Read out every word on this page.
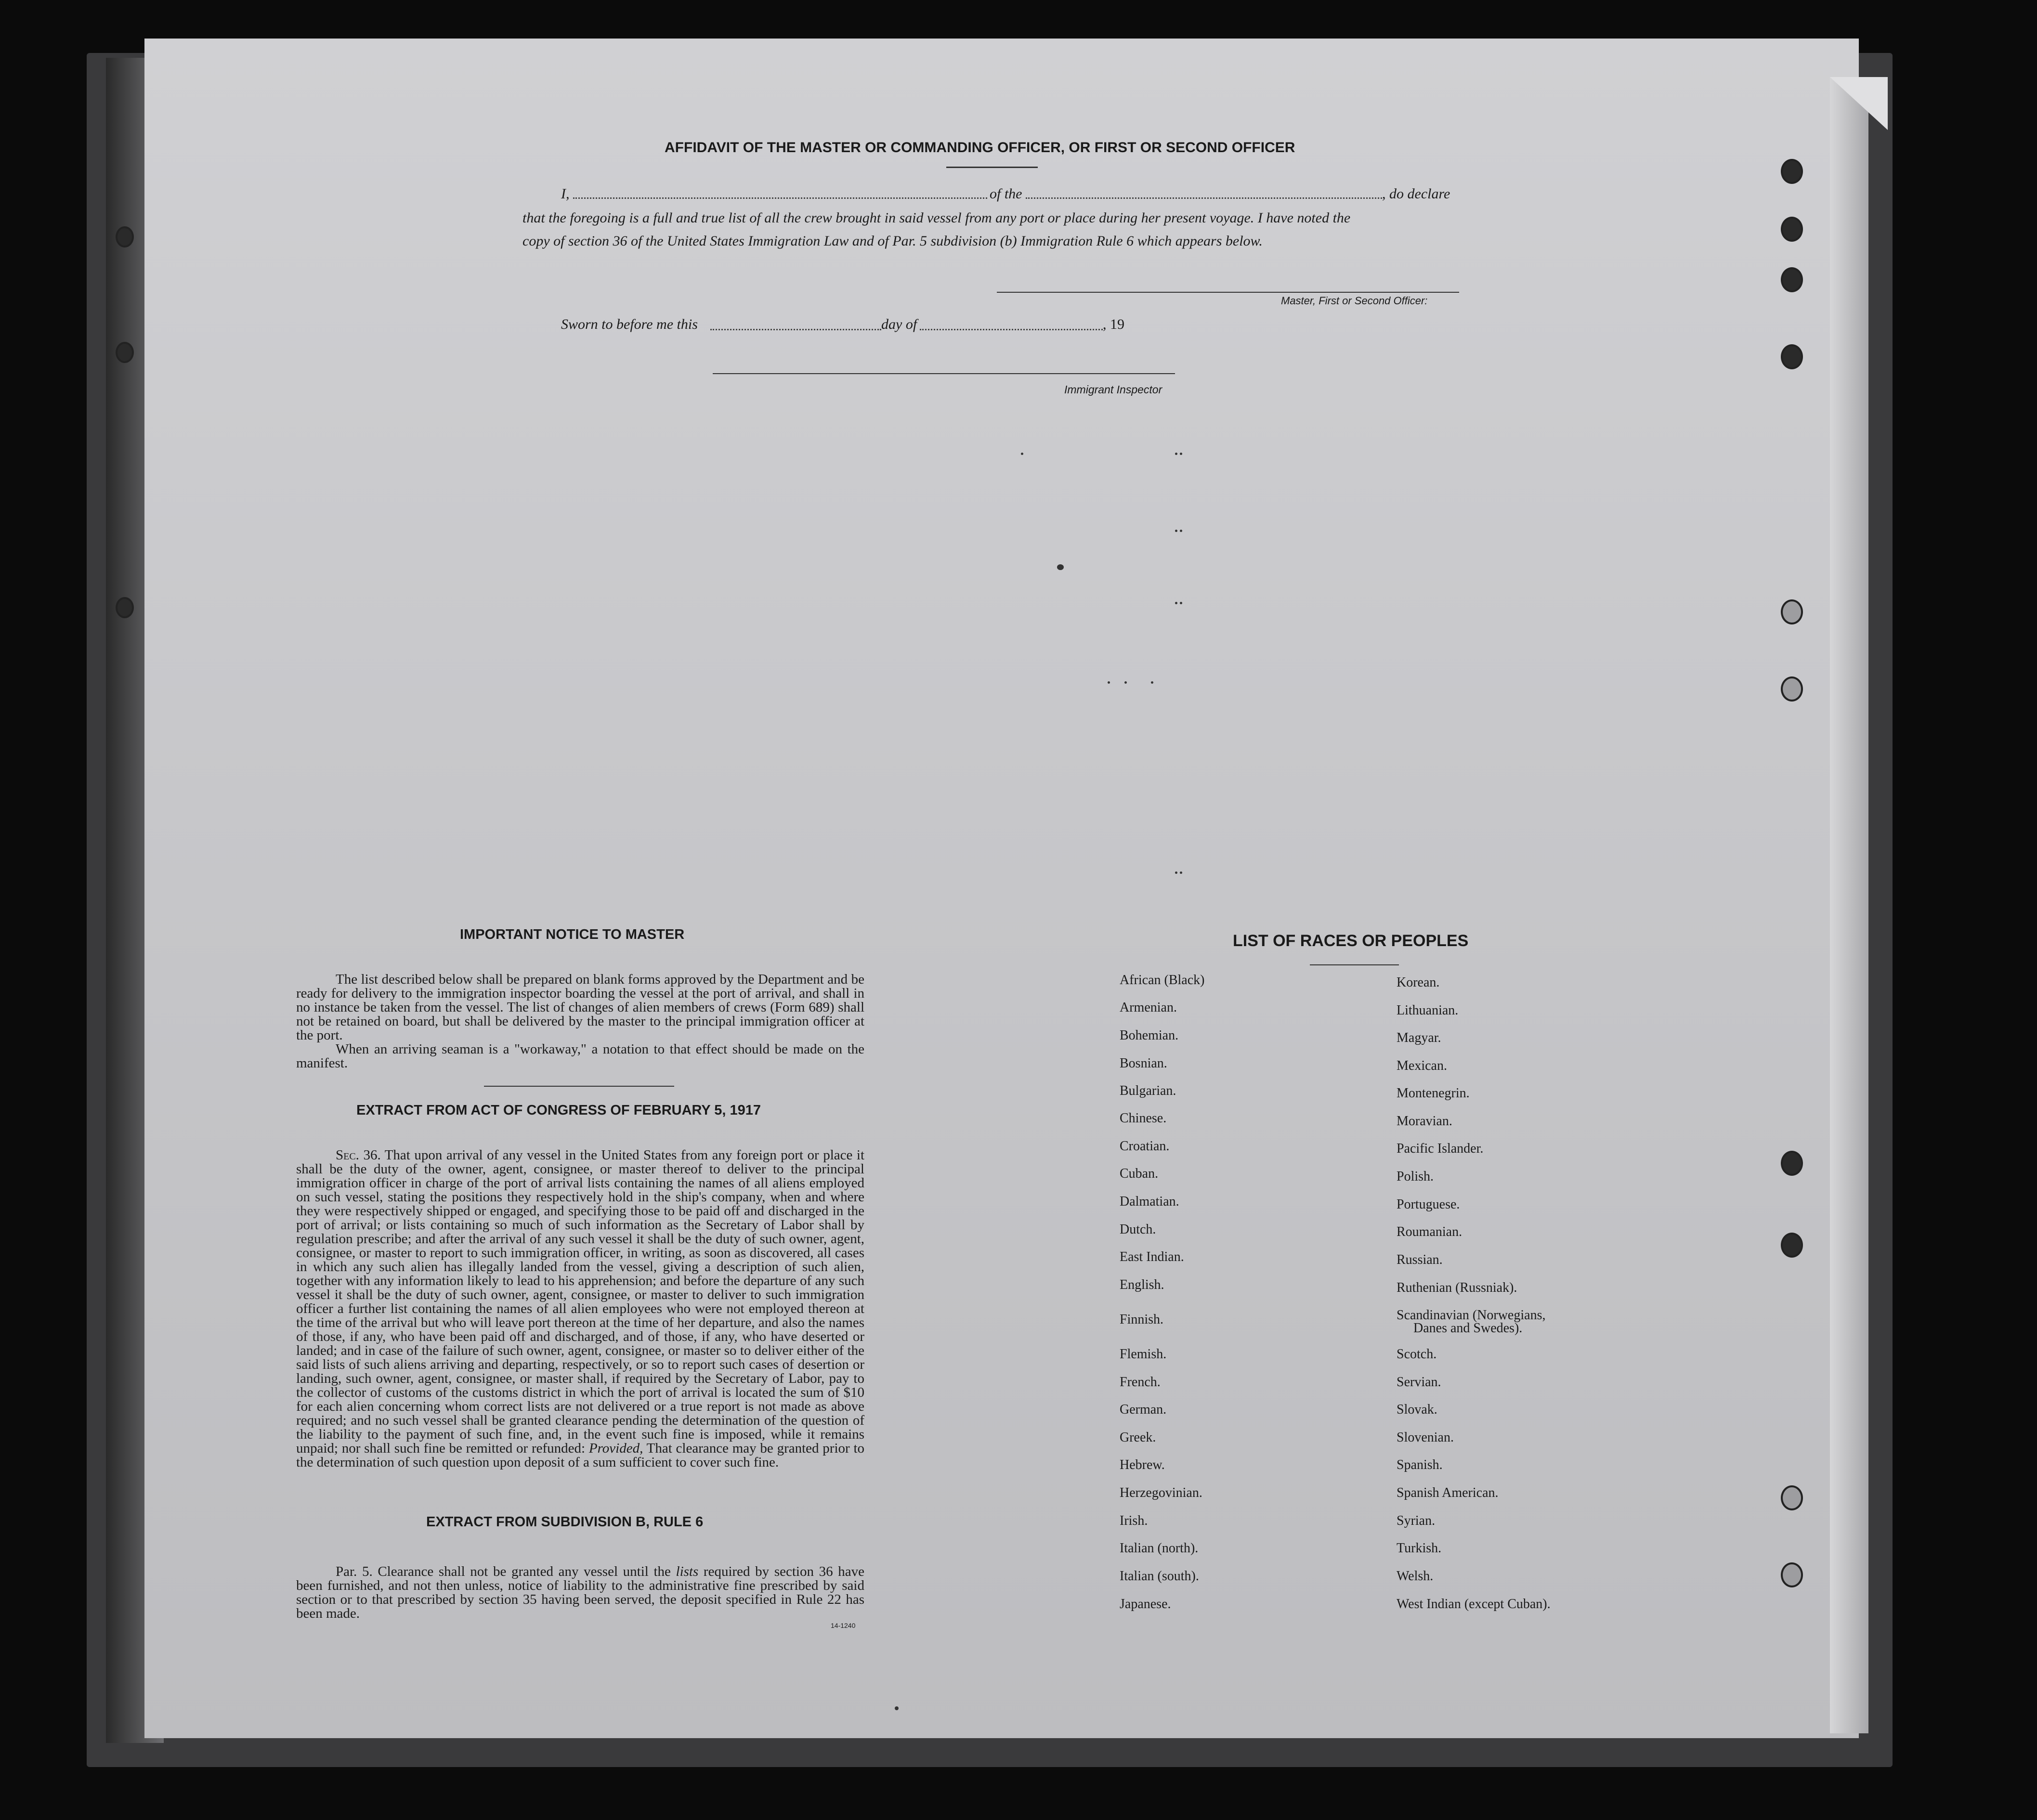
AFFIDAVIT OF THE MASTER OR COMMANDING OFFICER, OR FIRST OR SECOND OFFICER
I,	of the	, do declare
that the foregoing is a full and true list of all the crew brought in said vessel from any port or place during her present voyage. I have noted the
copy of section 36 of the United States Immigration Law and of Par. 5 subdivision (b) Immigration Rule 6 which appears below.
Master, First or Second Officer:
Sworn to before me this	day of	, 19
Immigrant Inspector
IMPORTANT NOTICE TO MASTER

The list described below shall be prepared on blank forms approved by the Department and be ready for delivery to the immigration inspector boarding the vessel at the port of arrival, and shall in no instance be taken from the vessel. The list of changes of alien members of crews (Form 689) shall not be retained on board, but shall be delivered by the master to the principal immigration officer at the port.

When an arriving seaman is a "workaway," a notation to that effect should be made on the manifest.

EXTRACT FROM ACT OF CONGRESS OF FEBRUARY 5, 1917

Sec. 36. That upon arrival of any vessel in the United States from any foreign port or place it shall be the duty of the owner, agent, consignee, or master thereof to deliver to the principal immigration officer in charge of the port of arrival lists containing the names of all aliens employed on such vessel, stating the positions they respectively hold in the ship's company, when and where they were respectively shipped or engaged, and specifying those to be paid off and discharged in the port of arrival; or lists containing so much of such information as the Secretary of Labor shall by regulation prescribe; and after the arrival of any such vessel it shall be the duty of such owner, agent, consignee, or master to report to such immigration officer, in writing, as soon as discovered, all cases in which any such alien has illegally landed from the vessel, giving a description of such alien, together with any information likely to lead to his apprehension; and before the departure of any such vessel it shall be the duty of such owner, agent, consignee, or master to deliver to such immigration officer a further list containing the names of all alien employees who were not employed thereon at the time of the arrival but who will leave port thereon at the time of her departure, and also the names of those, if any, who have been paid off and discharged, and of those, if any, who have deserted or landed; and in case of the failure of such owner, agent, consignee, or master so to deliver either of the said lists of such aliens arriving and departing, respectively, or so to report such cases of desertion or landing, such owner, agent, consignee, or master shall, if required by the Secretary of Labor, pay to the collector of customs of the customs district in which the port of arrival is located the sum of $10 for each alien concerning whom correct lists are not delivered or a true report is not made as above required; and no such vessel shall be granted clearance pending the determination of the question of the liability to the payment of such fine, and, in the event such fine is imposed, while it remains unpaid; nor shall such fine be remitted or refunded: Provided, That clearance may be granted prior to the determination of such question upon deposit of a sum sufficient to cover such fine.

EXTRACT FROM SUBDIVISION B, RULE 6

Par. 5. Clearance shall not be granted any vessel until the lists required by section 36 have been furnished, and not then unless, notice of liability to the administrative fine prescribed by said section or to that prescribed by section 35 having been served, the deposit specified in Rule 22 has been made.

14-1240
LIST OF RACES OR PEOPLES
African (Black)
Armenian.
Bohemian.
Bosnian.
Bulgarian.
Chinese.
Croatian.
Cuban.
Dalmatian.
Dutch.
East Indian.
English.
Finnish.
Flemish.
French.
German.
Greek.
Hebrew.
Herzegovinian.
Irish.
Italian (north).
Italian (south).
Japanese.
Korean.
Lithuanian.
Magyar.
Mexican.
Montenegrin.
Moravian.
Pacific Islander.
Polish.
Portuguese.
Roumanian.
Russian.
Ruthenian (Russniak).
Scandinavian (Norwegians,
Scotch.
Servian.
Slovak.
Slovenian.
Spanish.
Spanish American.
Syrian.
Turkish.
Welsh.
West Indian (except Cuban).
Danes and Swedes).
